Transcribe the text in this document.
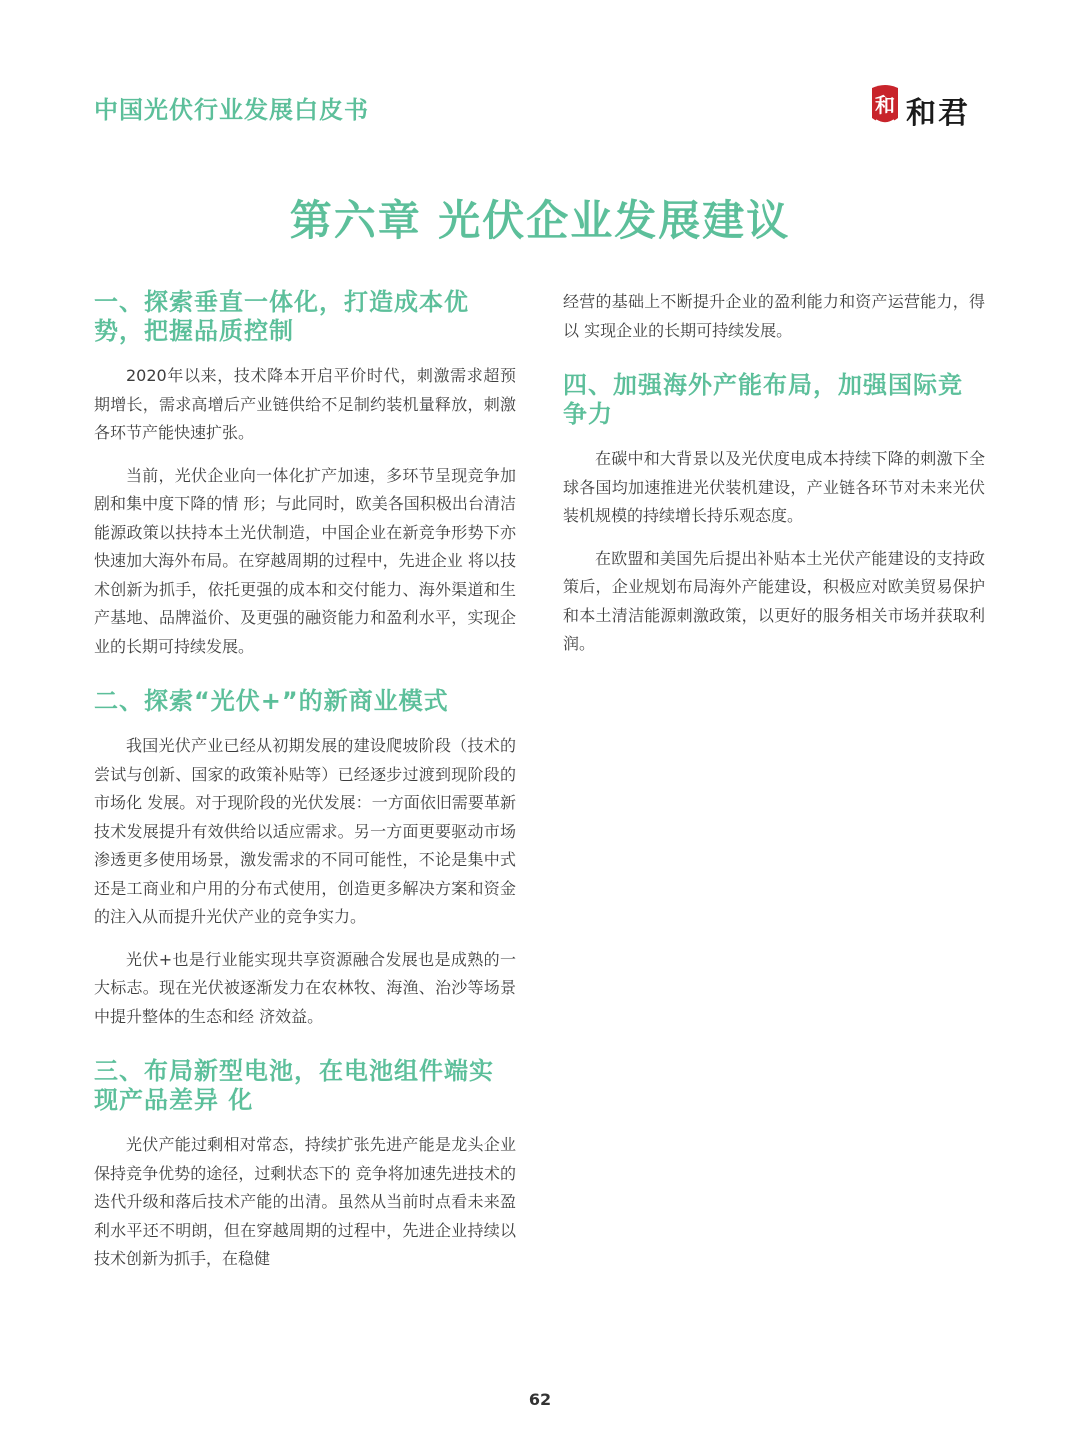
中国光伏行业发展白皮书	和 和君
第六章 光伏企业发展建议
一、探索垂直一体化，打造成本优势，把握品质控制

2020年以来，技术降本开启平价时代，刺激需求超预期增长，需求高增后产业链供给不足制约装机量释放，刺激各环节产能快速扩张。

当前，光伏企业向一体化扩产加速，多环节呈现竞争加剧和集中度下降的情 形；与此同时，欧美各国积极出台清洁能源政策以扶持本土光伏制造，中国企业在新竞争形势下亦快速加大海外布局。在穿越周期的过程中，先进企业 将以技术创新为抓手，依托更强的成本和交付能力、海外渠道和生产基地、品牌溢价、及更强的融资能力和盈利水平，实现企业的长期可持续发展。

二、探索“光伏+”的新商业模式

我国光伏产业已经从初期发展的建设爬坡阶段（技术的尝试与创新、国家的政策补贴等）已经逐步过渡到现阶段的市场化 发展。对于现阶段的光伏发展：一方面依旧需要革新技术发展提升有效供给以适应需求。另一方面更要驱动市场渗透更多使用场景，激发需求的不同可能性，不论是集中式还是工商业和户用的分布式使用，创造更多解决方案和资金的注入从而提升光伏产业的竞争实力。

光伏+也是行业能实现共享资源融合发展也是成熟的一大标志。现在光伏被逐渐发力在农林牧、海渔、治沙等场景中提升整体的生态和经 济效益。

三、布局新型电池，在电池组件端实现产品差异 化

光伏产能过剩相对常态，持续扩张先进产能是龙头企业保持竞争优势的途径，过剩状态下的 竞争将加速先进技术的迭代升级和落后技术产能的出清。虽然从当前时点看未来盈利水平还不明朗，但在穿越周期的过程中，先进企业持续以技术创新为抓手，在稳健

经营的基础上不断提升企业的盈利能力和资产运营能力，得以 实现企业的长期可持续发展。

四、加强海外产能布局，加强国际竞争力

在碳中和大背景以及光伏度电成本持续下降的刺激下全球各国均加速推进光伏装机建设，产业链各环节对未来光伏装机规模的持续增长持乐观态度。

在欧盟和美国先后提出补贴本土光伏产能建设的支持政策后，企业规划布局海外产能建设，积极应对欧美贸易保护和本土清洁能源刺激政策，以更好的服务相关市场并获取利润。

62
